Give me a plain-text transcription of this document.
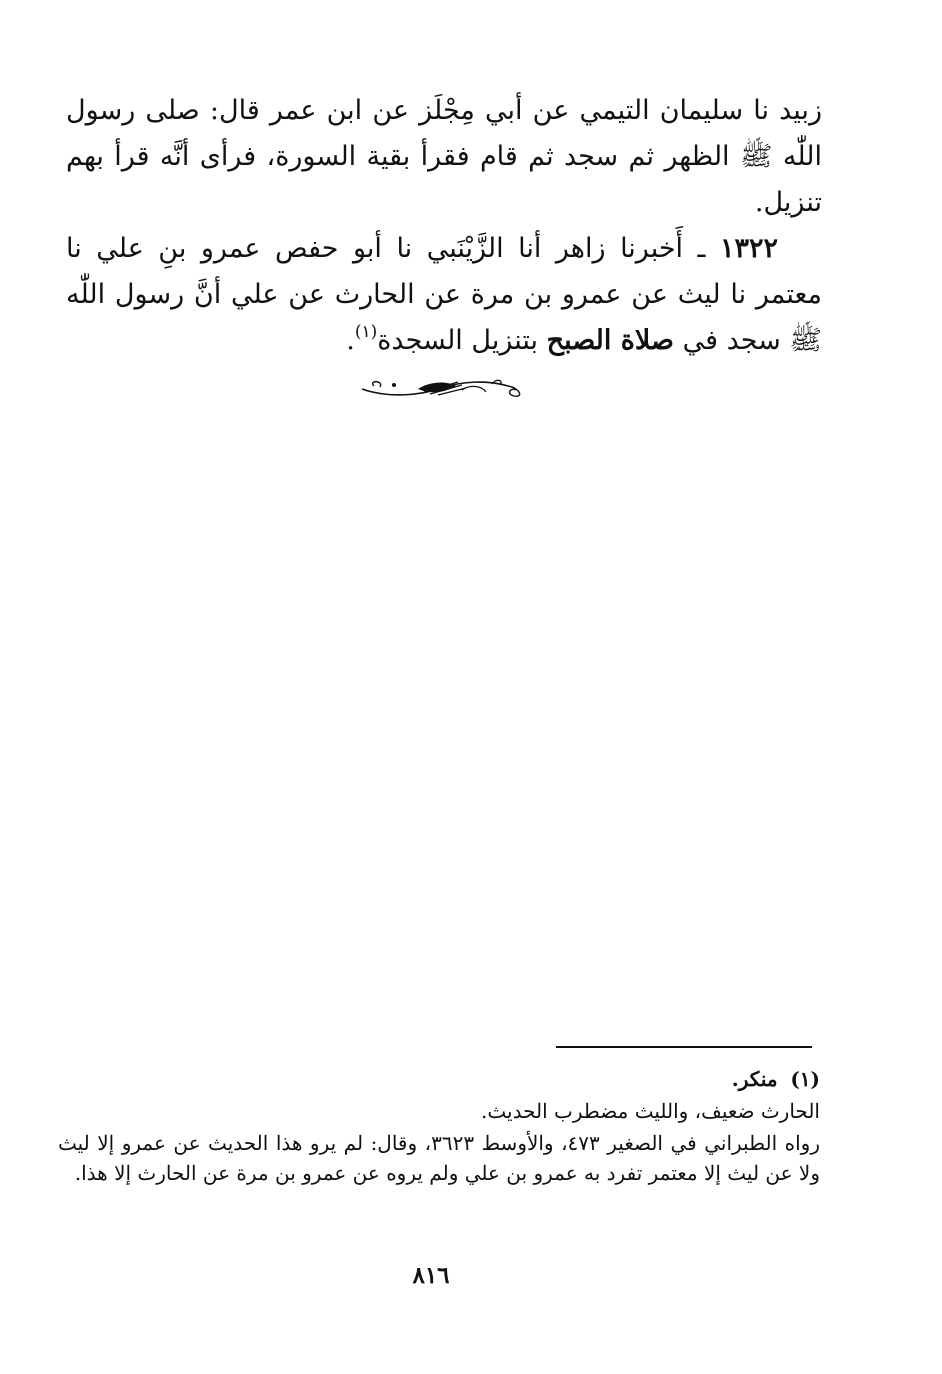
زبيد نا سليمان التيمي عن أبي مِجْلَز عن ابن عمر قال: صلى رسول اللّٰه ﷺ الظهر ثم سجد ثم قام فقرأ بقية السورة، فرأى أنَّه قرأ بهم تنزيل.

١٣٢٢ ـ أَخبرنا زاهر أنا الزَّيْنَبي نا أبو حفص عمرو بنِ علي نا معتمر نا ليث عن عمرو بن مرة عن الحارث عن علي أنَّ رسول اللّٰه ﷺ سجد في صلاة الصبح بتنزيل السجدة$^{(١)}$.

(١)  منكر.

الحارث ضعيف، والليث مضطرب الحديث.

رواه الطبراني في الصغير ٤٧٣، والأوسط ٣٦٢٣، وقال: لم يرو هذا الحديث عن عمرو إلا ليث ولا عن ليث إلا معتمر تفرد به عمرو بن علي ولم يروه عن عمرو بن مرة عن الحارث إلا هذا.

٨١٦
